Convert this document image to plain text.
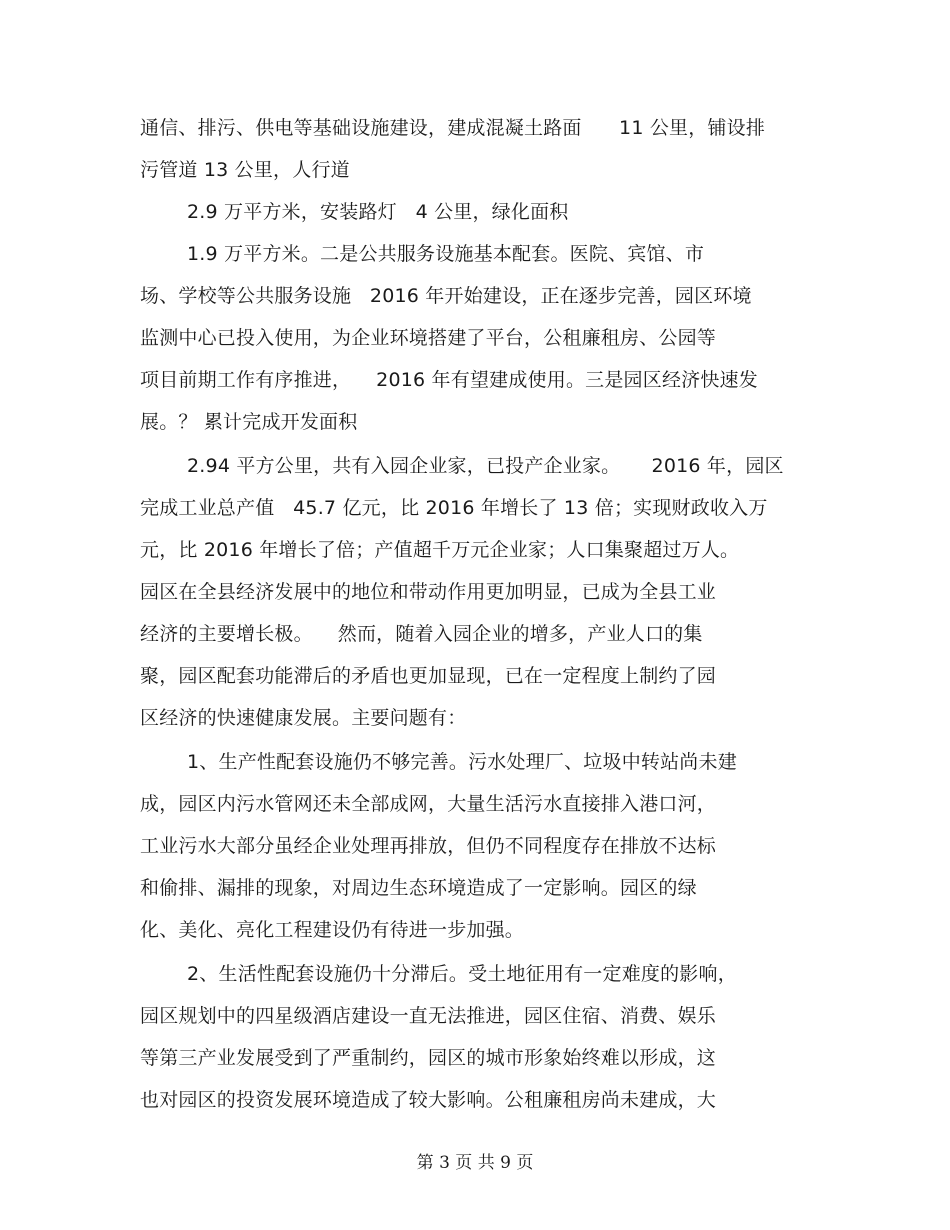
通信、排污、供电等基础设施建设，建成混凝土路面      11 公里，铺设排
污管道 13 公里，人行道
2.9 万平方米，安装路灯   4 公里，绿化面积
1.9 万平方米。二是公共服务设施基本配套。医院、宾馆、市
场、学校等公共服务设施   2016 年开始建设，正在逐步完善，园区环境
监测中心已投入使用，为企业环境搭建了平台，公租廉租房、公园等
项目前期工作有序推进，    2016 年有望建成使用。三是园区经济快速发
展。？ 累计完成开发面积
2.94 平方公里，共有入园企业家，已投产企业家。     2016 年，园区
完成工业总产值   45.7 亿元，比 2016 年增长了 13 倍；实现财政收入万
元，比 2016 年增长了倍；产值超千万元企业家；人口集聚超过万人。
园区在全县经济发展中的地位和带动作用更加明显，已成为全县工业
经济的主要增长极。    然而，随着入园企业的增多，产业人口的集
聚，园区配套功能滞后的矛盾也更加显现，已在一定程度上制约了园
区经济的快速健康发展。主要问题有：
1、生产性配套设施仍不够完善。污水处理厂、垃圾中转站尚未建
成，园区内污水管网还未全部成网，大量生活污水直接排入港口河，
工业污水大部分虽经企业处理再排放，但仍不同程度存在排放不达标
和偷排、漏排的现象，对周边生态环境造成了一定影响。园区的绿
化、美化、亮化工程建设仍有待进一步加强。
2、生活性配套设施仍十分滞后。受土地征用有一定难度的影响，
园区规划中的四星级酒店建设一直无法推进，园区住宿、消费、娱乐
等第三产业发展受到了严重制约，园区的城市形象始终难以形成，这
也对园区的投资发展环境造成了较大影响。公租廉租房尚未建成，大
第 3 页 共 9 页
